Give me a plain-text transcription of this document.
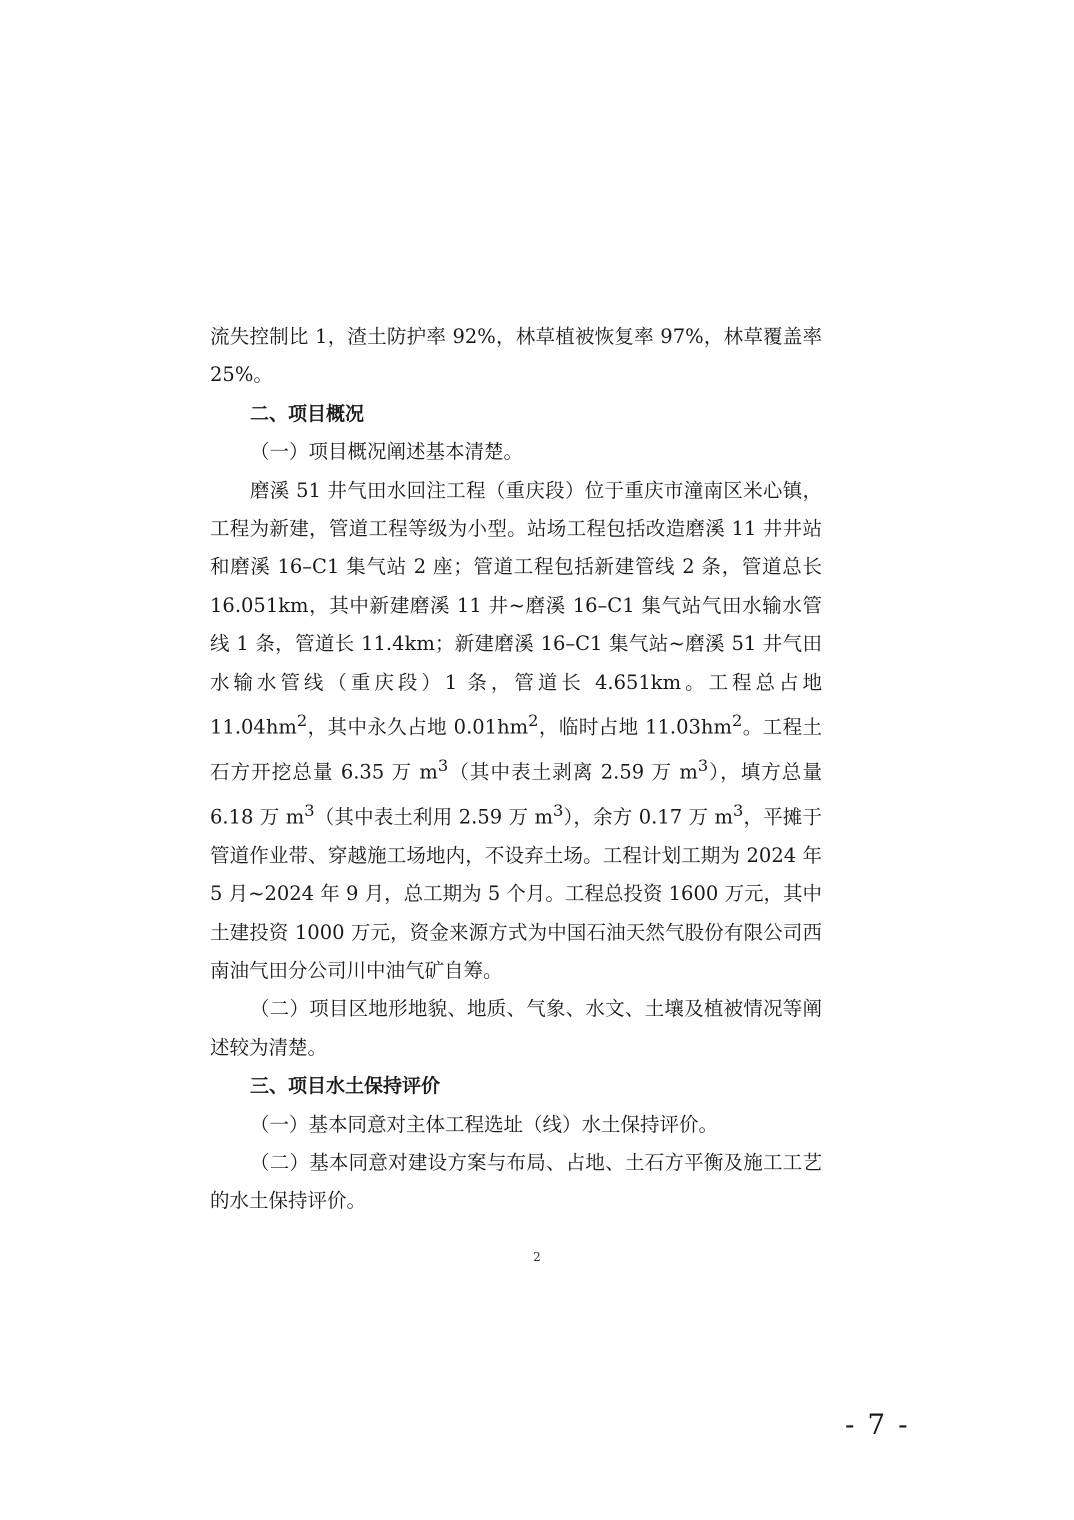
流失控制比 1，渣土防护率 92%，林草植被恢复率 97%，林草覆盖率 25%。

二、项目概况

（一）项目概况阐述基本清楚。

磨溪 51 井气田水回注工程（重庆段）位于重庆市潼南区米心镇，工程为新建，管道工程等级为小型。站场工程包括改造磨溪 11 井井站和磨溪 16–C1 集气站 2 座；管道工程包括新建管线 2 条，管道总长 16.051km，其中新建磨溪 11 井~磨溪 16–C1 集气站气田水输水管线 1 条，管道长 11.4km；新建磨溪 16–C1 集气站~磨溪 51 井气田水输水管线（重庆段）1 条，管道长 4.651km。工程总占地 $11.04hm^2$，其中永久占地 $0.01hm^2$，临时占地 $11.03hm^2$。工程土石方开挖总量 6.35 万 $m^3$（其中表土剥离 2.59 万 $m^3$），填方总量 6.18 万 $m^3$（其中表土利用 2.59 万 $m^3$），余方 0.17 万 $m^3$，平摊于管道作业带、穿越施工场地内，不设弃土场。工程计划工期为 2024 年 5 月~2024 年 9 月，总工期为 5 个月。工程总投资 1600 万元，其中土建投资 1000 万元，资金来源方式为中国石油天然气股份有限公司西南油气田分公司川中油气矿自筹。

（二）项目区地形地貌、地质、气象、水文、土壤及植被情况等阐述较为清楚。

三、项目水土保持评价

（一）基本同意对主体工程选址（线）水土保持评价。

（二）基本同意对建设方案与布局、占地、土石方平衡及施工工艺的水土保持评价。

2
- 7 -
